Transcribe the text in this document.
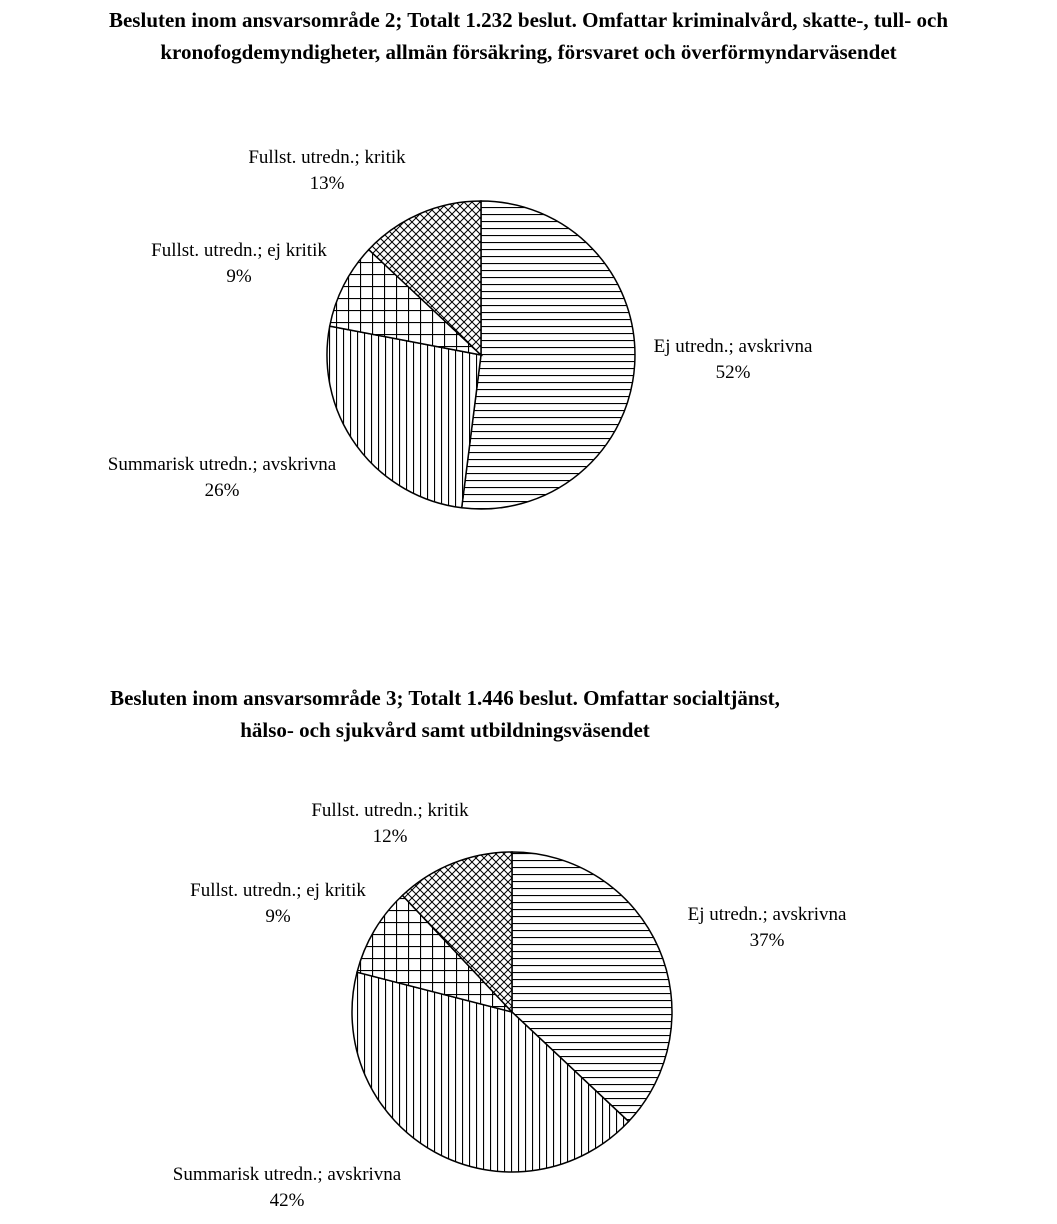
Besluten inom ansvarsområde 2; Totalt 1.232 beslut. Omfattar kriminalvård, skatte-, tull- och
kronofogdemyndigheter, allmän försäkring, försvaret och överförmyndarväsendet
Fullst. utredn.; kritik
13%
Fullst. utredn.; ej kritik
9%
Ej utredn.; avskrivna
52%
Summarisk utredn.; avskrivna
26%
Besluten inom ansvarsområde 3; Totalt 1.446 beslut. Omfattar socialtjänst,
hälso- och sjukvård samt utbildningsväsendet
Fullst. utredn.; kritik
12%
Fullst. utredn.; ej kritik
9%	Ej utredn.; avskrivna
37%
Summarisk utredn.; avskrivna
42%
